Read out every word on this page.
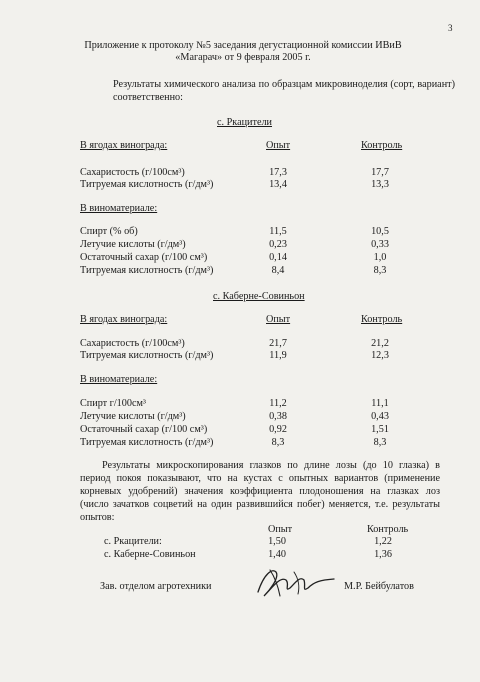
3
Приложение к протоколу №5 заседания дегустационной комиссии ИВиВ
«Магарач» от 9 февраля 2005 г.
Результаты химического анализа по образцам микровиноделия (сорт, вариант) соответственно:
с. Ркацители
В ягодах винограда:	Опыт	Контроль
Сахаристость (г/100см³)	17,3	17,7
Титруемая кислотность (г/дм³)	13,4	13,3
В виноматериале:
Спирт (% об)	11,5	10,5
Летучие кислоты (г/дм³)	0,23	0,33
Остаточный сахар (г/100 см³)	0,14	1,0
Титруемая кислотность (г/дм³)	8,4	8,3
с. Каберне-Совиньон
В ягодах винограда:	Опыт	Контроль
Сахаристость (г/100см³)	21,7	21,2
Титруемая кислотность (г/дм³)	11,9	12,3
В виноматериале:
Спирт г/100см³	11,2	11,1
Летучие кислоты (г/дм³)	0,38	0,43
Остаточный сахар (г/100 см³)	0,92	1,51
Титруемая кислотность (г/дм³)	8,3	8,3
Результаты микроскопирования глазков по длине лозы (до 10 глазка) в период покоя показывают, что на кустах с опытных вариантов (применение корневых удобрений) значения коэффициента плодоношения на глазках лоз (число зачатков соцветий на один развившийся побег) меняется, т.е. результаты опытов:
Опыт	Контроль
с. Ркацители:	1,50	1,22
с. Каберне-Совиньон	1,40	1,36
Зав. отделом агротехники	М.Р. Бейбулатов
